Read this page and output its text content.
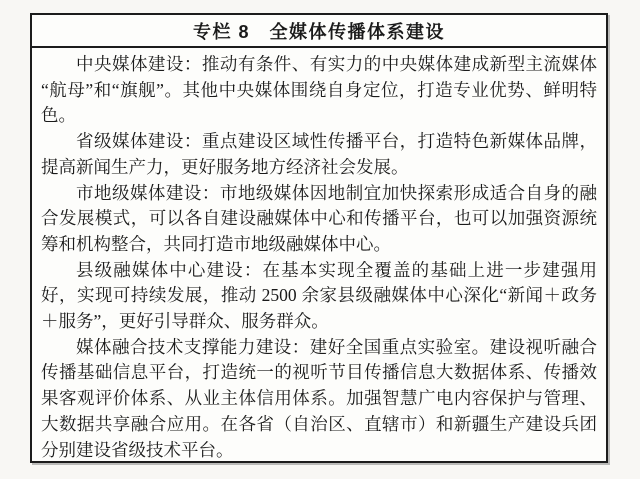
专栏 8　全媒体传播体系建设

中央媒体建设：推动有条件、有实力的中央媒体建成新型主流媒体“航母”和“旗舰”。其他中央媒体围绕自身定位，打造专业优势、鲜明特色。

省级媒体建设：重点建设区域性传播平台，打造特色新媒体品牌，提高新闻生产力，更好服务地方经济社会发展。

市地级媒体建设：市地级媒体因地制宜加快探索形成适合自身的融合发展模式，可以各自建设融媒体中心和传播平台，也可以加强资源统筹和机构整合，共同打造市地级融媒体中心。

县级融媒体中心建设：在基本实现全覆盖的基础上进一步建强用好，实现可持续发展，推动 2500 余家县级融媒体中心深化“新闻＋政务＋服务”，更好引导群众、服务群众。

媒体融合技术支撑能力建设：建好全国重点实验室。建设视听融合传播基础信息平台，打造统一的视听节目传播信息大数据体系、传播效果客观评价体系、从业主体信用体系。加强智慧广电内容保护与管理、大数据共享融合应用。在各省（自治区、直辖市）和新疆生产建设兵团分别建设省级技术平台。
